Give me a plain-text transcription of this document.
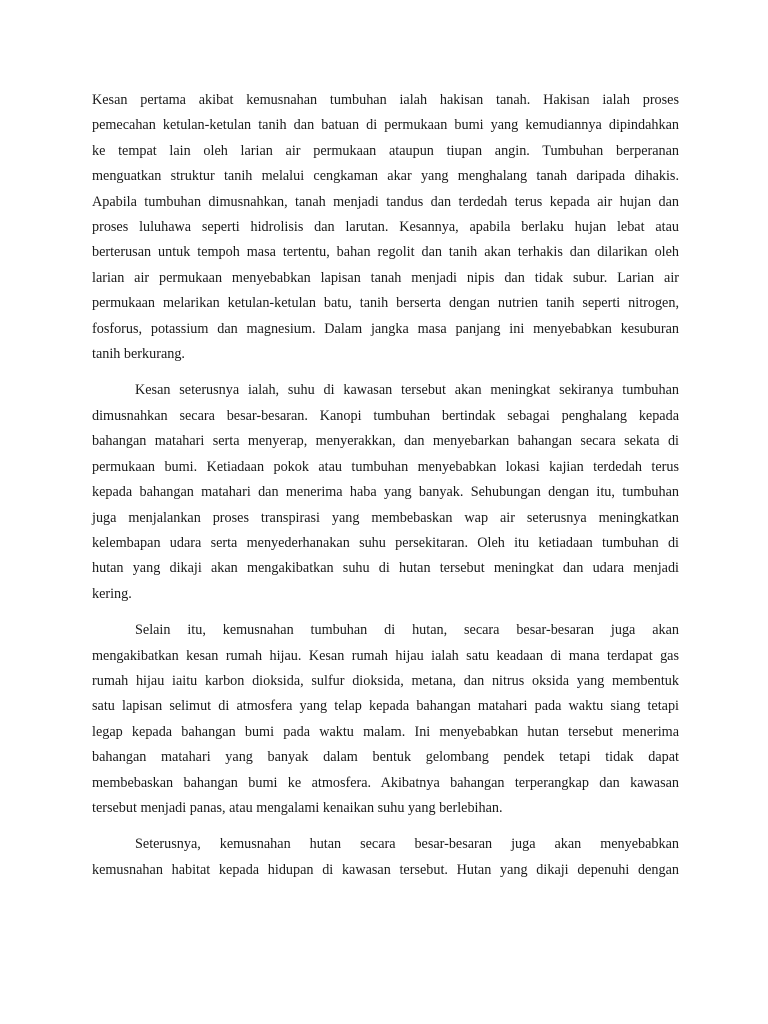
Kesan pertama akibat kemusnahan tumbuhan ialah hakisan tanah. Hakisan ialah proses
pemecahan ketulan-ketulan tanih dan batuan di permukaan bumi yang kemudiannya dipindahkan
ke tempat lain oleh larian air permukaan ataupun tiupan angin. Tumbuhan berperanan
menguatkan struktur tanih melalui cengkaman akar yang menghalang tanah daripada dihakis.
Apabila tumbuhan dimusnahkan, tanah menjadi tandus dan terdedah terus kepada air hujan dan
proses luluhawa seperti hidrolisis dan larutan. Kesannya, apabila berlaku hujan lebat atau
berterusan untuk tempoh masa tertentu, bahan regolit dan tanih akan terhakis dan dilarikan oleh
larian air permukaan menyebabkan lapisan tanah menjadi nipis dan tidak subur. Larian air
permukaan melarikan ketulan-ketulan batu, tanih berserta dengan nutrien tanih seperti nitrogen,
fosforus, potassium dan magnesium. Dalam jangka masa panjang ini menyebabkan kesuburan
tanih berkurang.

Kesan seterusnya ialah, suhu di kawasan tersebut akan meningkat sekiranya tumbuhan
dimusnahkan secara besar-besaran. Kanopi tumbuhan bertindak sebagai penghalang kepada
bahangan matahari serta menyerap, menyerakkan, dan menyebarkan bahangan secara sekata di
permukaan bumi. Ketiadaan pokok atau tumbuhan menyebabkan lokasi kajian terdedah terus
kepada bahangan matahari dan menerima haba yang banyak. Sehubungan dengan itu, tumbuhan
juga menjalankan proses transpirasi yang membebaskan wap air seterusnya meningkatkan
kelembapan udara serta menyederhanakan suhu persekitaran. Oleh itu ketiadaan tumbuhan di
hutan yang dikaji akan mengakibatkan suhu di hutan tersebut meningkat dan udara menjadi
kering.

Selain itu, kemusnahan tumbuhan di hutan, secara besar-besaran juga akan
mengakibatkan kesan rumah hijau. Kesan rumah hijau ialah satu keadaan di mana terdapat gas
rumah hijau iaitu karbon dioksida, sulfur dioksida, metana, dan nitrus oksida yang membentuk
satu lapisan selimut di atmosfera yang telap kepada bahangan matahari pada waktu siang tetapi
legap kepada bahangan bumi pada waktu malam. Ini menyebabkan hutan tersebut menerima
bahangan matahari yang banyak dalam bentuk gelombang pendek tetapi tidak dapat
membebaskan bahangan bumi ke atmosfera. Akibatnya bahangan terperangkap dan kawasan
tersebut menjadi panas, atau mengalami kenaikan suhu yang berlebihan.

Seterusnya, kemusnahan hutan secara besar-besaran juga akan menyebabkan
kemusnahan habitat kepada hidupan di kawasan tersebut. Hutan yang dikaji depenuhi dengan
